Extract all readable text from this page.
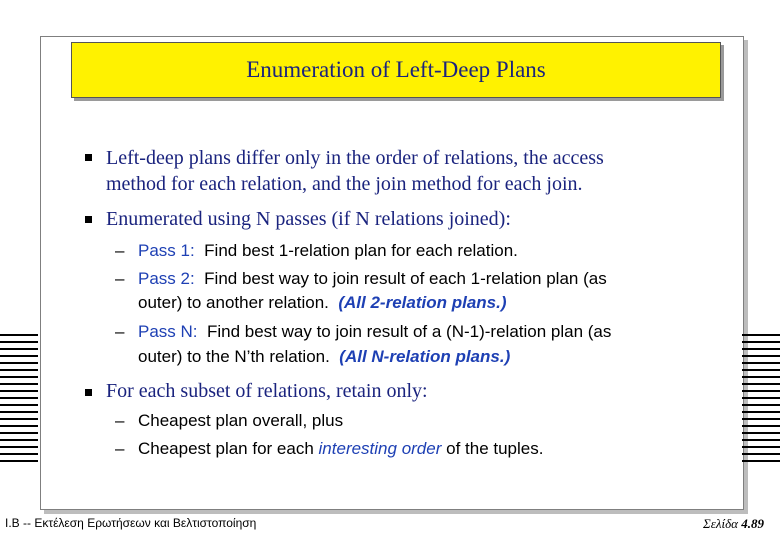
Enumeration of Left-Deep Plans
Left-deep plans differ only in the order of relations, the access
method for each relation, and the join method for each join.
Enumerated using N passes (if N relations joined):
– Pass 1: Find best 1-relation plan for each relation.
– Pass 2: Find best way to join result of each 1-relation plan (as
outer) to another relation. (All 2-relation plans.)
– Pass N: Find best way to join result of a (N-1)-relation plan (as
outer) to the N’th relation. (All N-relation plans.)
For each subset of relations, retain only:
– Cheapest plan overall, plus
– Cheapest plan for each interesting order of the tuples.
I.B -- Εκτέλεση Ερωτήσεων και Βελτιστοποίηση	Σελίδα 4.89
